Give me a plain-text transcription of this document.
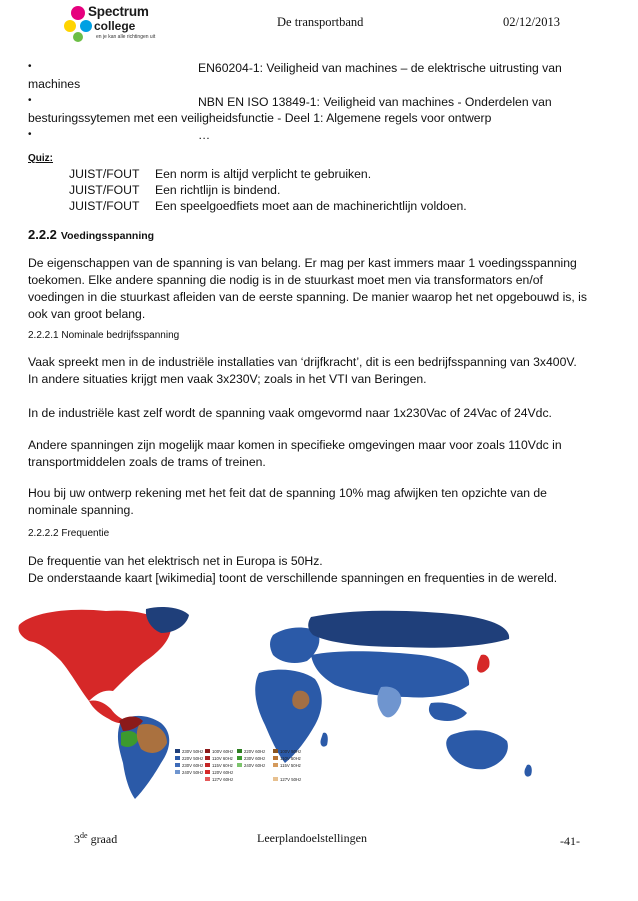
Spectrum
college
en je kan alle richtingen uit
De transportband	02/12/2013
•	EN60204-1: Veiligheid van machines – de elektrische uitrusting van
machines
•	NBN EN ISO 13849-1: Veiligheid van machines - Onderdelen van
besturingssytemen met een veiligheidsfunctie - Deel 1: Algemene regels voor ontwerp
•	…
Quiz:
JUIST/FOUT Een norm is altijd verplicht te gebruiken.
JUIST/FOUT Een richtlijn is bindend.
JUIST/FOUT Een speelgoedfiets moet aan de machinerichtlijn voldoen.
2.2.2 Voedingsspanning
De eigenschappen van de spanning is van belang. Er mag per kast immers maar 1 voedingsspanning
toekomen. Elke andere spanning die nodig is in de stuurkast moet men via transformators en/of
voedingen in die stuurkast afleiden van de eerste spanning. De manier waarop het net opgebouwd is, is
ook van groot belang.
2.2.2.1 Nominale bedrijfsspanning
Vaak spreekt men in de industriële installaties van ‘drijfkracht’, dit is een bedrijfsspanning van 3x400V.
In andere situaties krijgt men vaak 3x230V; zoals in het VTI van Beringen.
In de industriële kast zelf wordt de spanning vaak omgevormd naar 1x230Vac of 24Vac of 24Vdc.
Andere spanningen zijn mogelijk maar komen in specifieke omgevingen maar voor zoals 110Vdc in
transportmiddelen zoals de trams of treinen.
Hou bij uw ontwerp rekening met het feit dat de spanning 10% mag afwijken ten opzichte van de
nominale spanning.
2.2.2.2 Frequentie
De frequentie van het elektrisch net in Europa is 50Hz.
De onderstaande kaart [wikimedia] toont de verschillende spanningen en frequenties in de wereld.
230V 50Hz
220V 50Hz
230V 60Hz
240V 50Hz
100V 60Hz
110V 60Hz
115V 60Hz
120V 60Hz
127V 60Hz
220V 60Hz
230V 60Hz
240V 60Hz
100V 50Hz
110V 50Hz
115V 50Hz
127V 50Hz
3de graad	Leerplandoelstellingen	-41-
